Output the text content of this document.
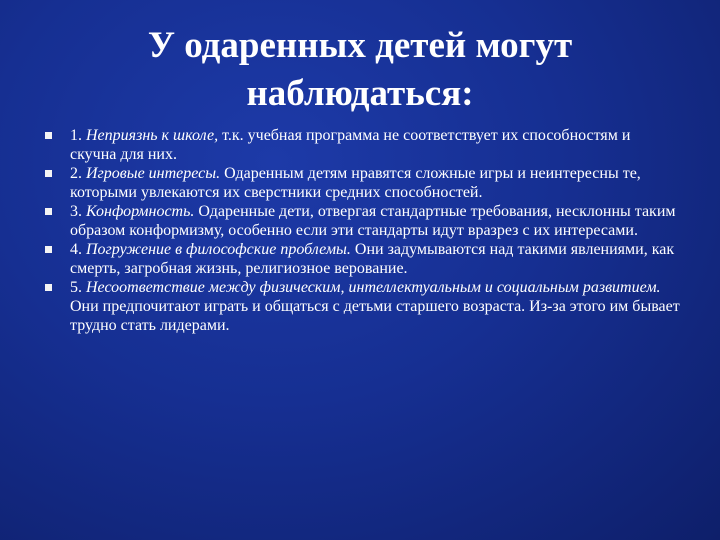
У одаренных детей могут наблюдаться:
1. Неприязнь к школе, т.к. учебная программа не соответствует их способностям и скучна для них.
2. Игровые интересы. Одаренным детям нравятся сложные игры и неинтересны те, которыми увлекаются их сверстники средних способностей.
3. Конформность. Одаренные дети, отвергая стандартные требования, несклонны таким образом конформизму, особенно если эти стандарты идут вразрез с их интересами.
4. Погружение в философские проблемы. Они задумываются над такими явлениями, как смерть, загробная жизнь, религиозное верование.
5. Несоответствие между физическим, интеллектуальным и социальным развитием. Они предпочитают играть и общаться с детьми старшего возраста. Из-за этого им бывает трудно стать лидерами.
